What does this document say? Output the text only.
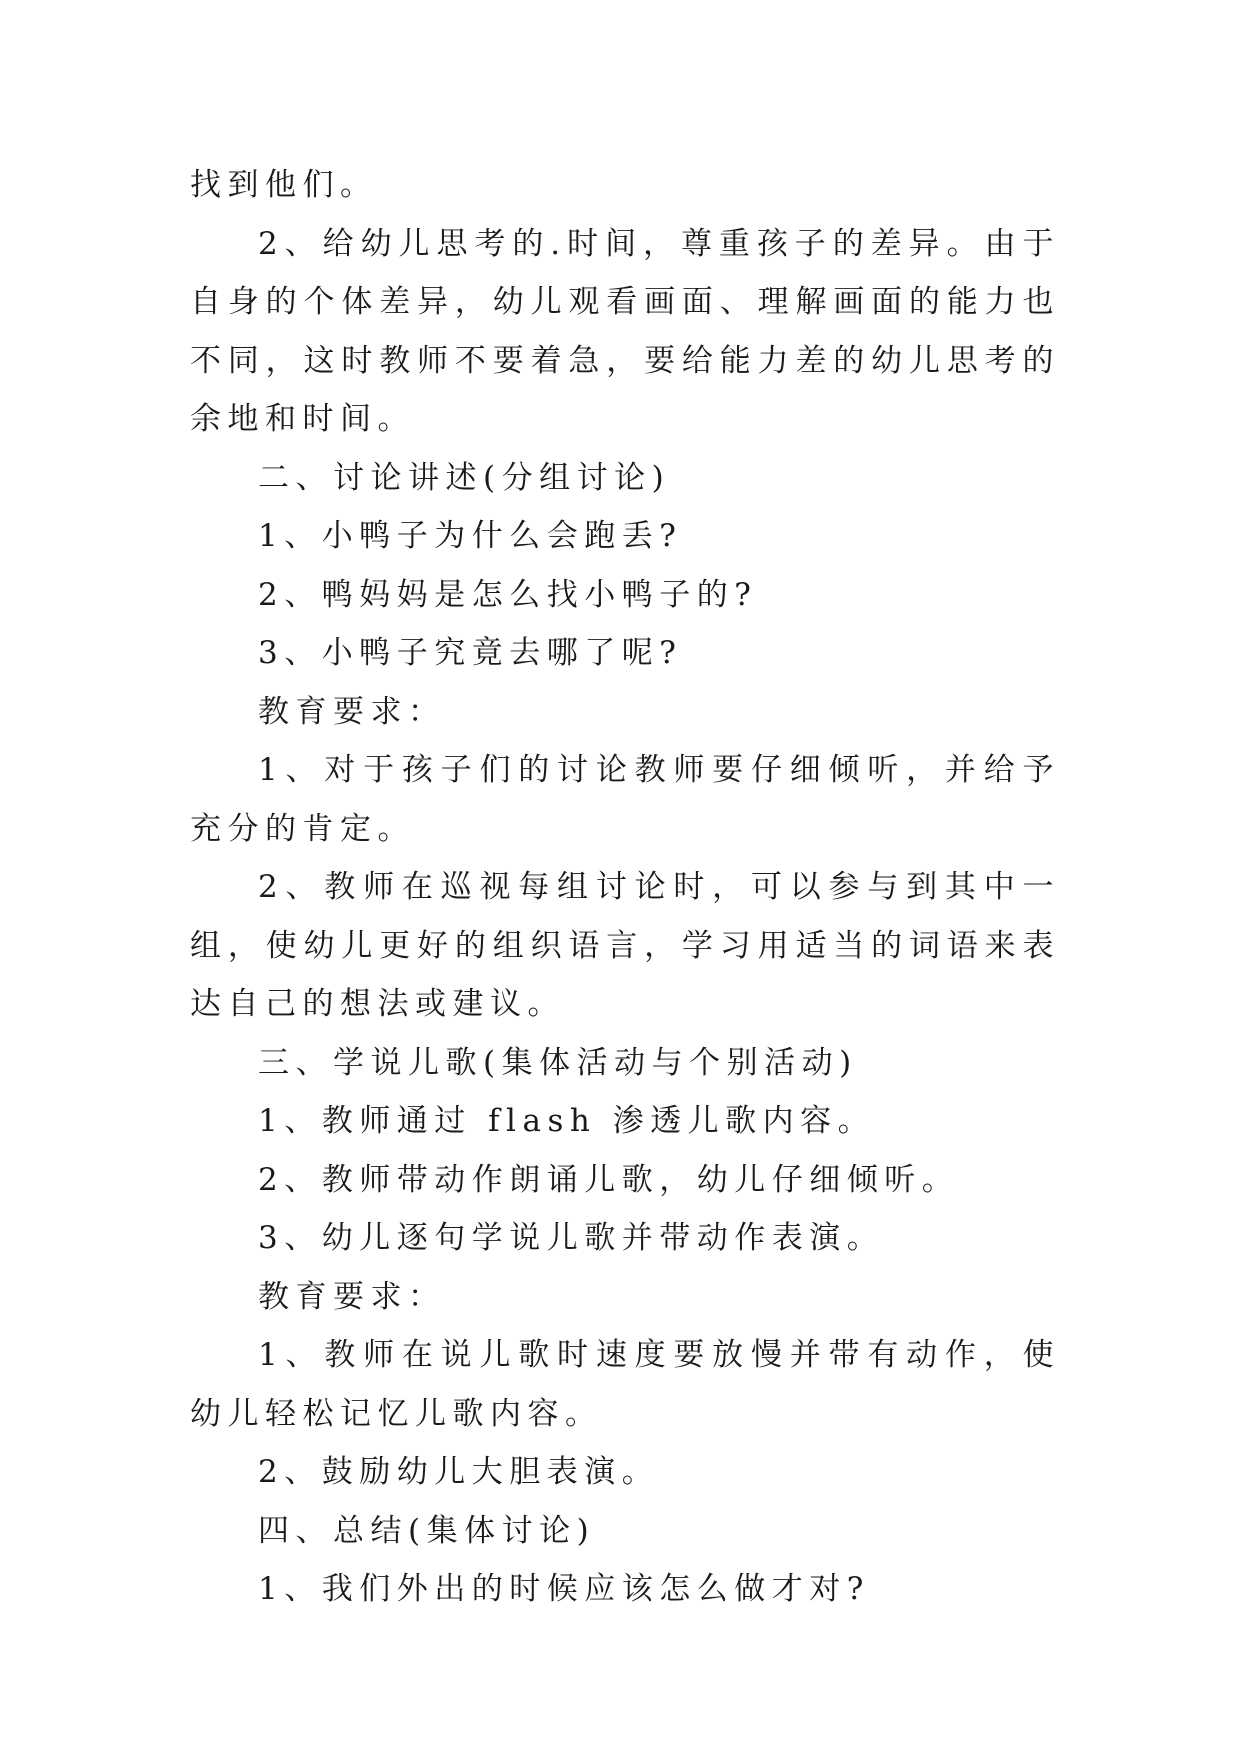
找到他们。

2、给幼儿思考的.时间，尊重孩子的差异。由于自身的个体差异，幼儿观看画面、理解画面的能力也不同，这时教师不要着急，要给能力差的幼儿思考的余地和时间。

二、讨论讲述(分组讨论)

1、小鸭子为什么会跑丢?

2、鸭妈妈是怎么找小鸭子的?

3、小鸭子究竟去哪了呢?

教育要求：

1、对于孩子们的讨论教师要仔细倾听，并给予充分的肯定。

2、教师在巡视每组讨论时，可以参与到其中一组，使幼儿更好的组织语言，学习用适当的词语来表达自己的想法或建议。

三、学说儿歌(集体活动与个别活动)

1、教师通过 flash 渗透儿歌内容。

2、教师带动作朗诵儿歌，幼儿仔细倾听。

3、幼儿逐句学说儿歌并带动作表演。

教育要求：

1、教师在说儿歌时速度要放慢并带有动作，使幼儿轻松记忆儿歌内容。

2、鼓励幼儿大胆表演。

四、总结(集体讨论)

1、我们外出的时候应该怎么做才对?
